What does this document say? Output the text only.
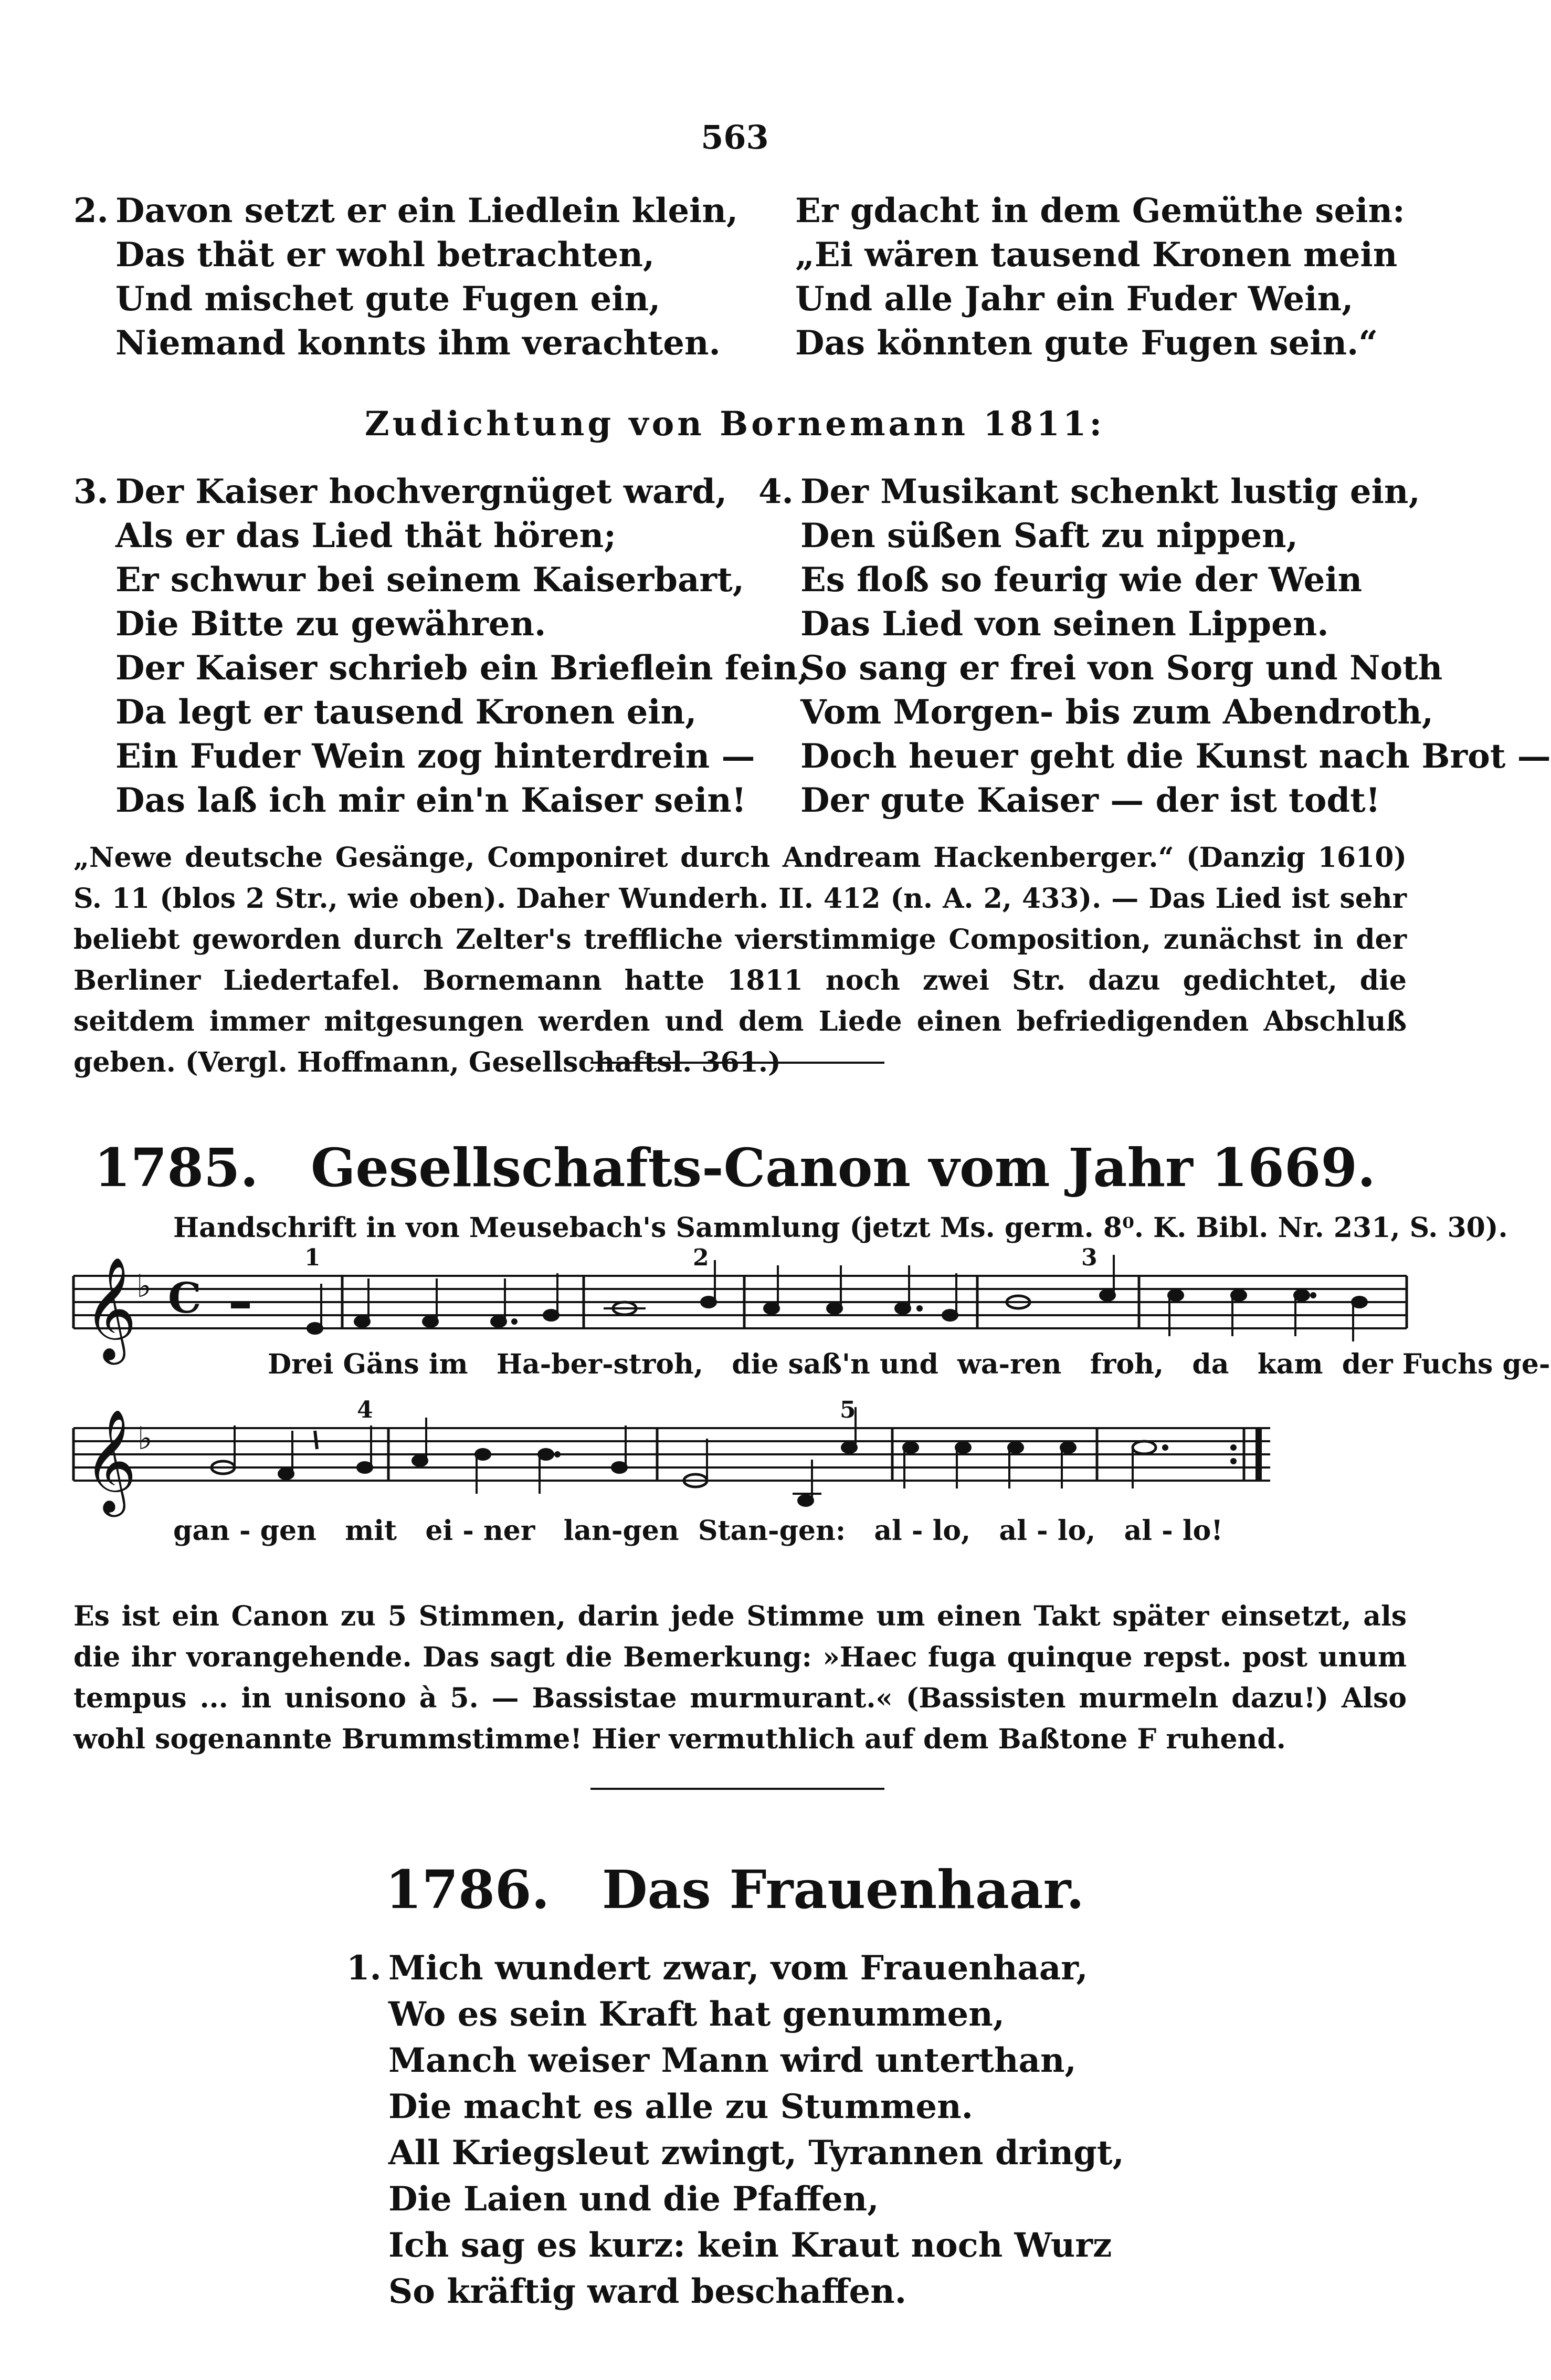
563
2. Davon setzt er ein Liedlein klein,
Das thät er wohl betrachten,
Und mischet gute Fugen ein,
Niemand konnts ihm verachten.
Er gdacht in dem Gemüthe sein:
„Ei wären tausend Kronen mein
Und alle Jahr ein Fuder Wein,
Das könnten gute Fugen sein.“
Zudichtung von Bornemann 1811:
3. Der Kaiser hochvergnüget ward,
Als er das Lied thät hören;
Er schwur bei seinem Kaiserbart,
Die Bitte zu gewähren.
Der Kaiser schrieb ein Brieflein fein,
Da legt er tausend Kronen ein,
Ein Fuder Wein zog hinterdrein —
Das laß ich mir ein'n Kaiser sein!
4. Der Musikant schenkt lustig ein,
Den süßen Saft zu nippen,
Es floß so feurig wie der Wein
Das Lied von seinen Lippen.
So sang er frei von Sorg und Noth
Vom Morgen- bis zum Abendroth,
Doch heuer geht die Kunst nach Brot —
Der gute Kaiser — der ist todt!
„Newe deutsche Gesänge, Componiret durch Andream Hackenberger.“ (Danzig 1610) S. 11 (blos 2 Str., wie oben). Daher Wunderh. II. 412 (n. A. 2, 433). — Das Lied ist sehr beliebt geworden durch Zelter's treffliche vierstimmige Composition, zunächst in der Berliner Liedertafel. Bornemann hatte 1811 noch zwei Str. dazu gedichtet, die seitdem immer mitgesungen werden und dem Liede einen befriedigenden Abschluß geben. (Vergl. Hoffmann, Gesellschaftsl. 361.)
1785. Gesellschafts-Canon vom Jahr 1669.
Handschrift in von Meusebach's Sammlung (jetzt Ms. germ. 8⁰. K. Bibl. Nr. 231, S. 30).
𝄞 ♭ C
1	2	3
Drei Gäns im Ha-ber-stroh, die saß'n und wa-ren froh, da kam der Fuchs ge-
𝄞 ♭
4	5
gan - gen mit ei - ner lan-gen Stan-gen: al - lo, al - lo, al - lo!
Es ist ein Canon zu 5 Stimmen, darin jede Stimme um einen Takt später einsetzt, als die ihr vorangehende. Das sagt die Bemerkung: »Haec fuga quinque repst. post unum tempus ... in unisono à 5. — Bassistae murmurant.« (Bassisten murmeln dazu!) Also wohl sogenannte Brummstimme! Hier vermuthlich auf dem Baßtone F ruhend.
1786. Das Frauenhaar.
1. Mich wundert zwar, vom Frauenhaar,
Wo es sein Kraft hat genummen,
Manch weiser Mann wird unterthan,
Die macht es alle zu Stummen.
All Kriegsleut zwingt, Tyrannen dringt,
Die Laien und die Pfaffen,
Ich sag es kurz: kein Kraut noch Wurz
So kräftig ward beschaffen.
